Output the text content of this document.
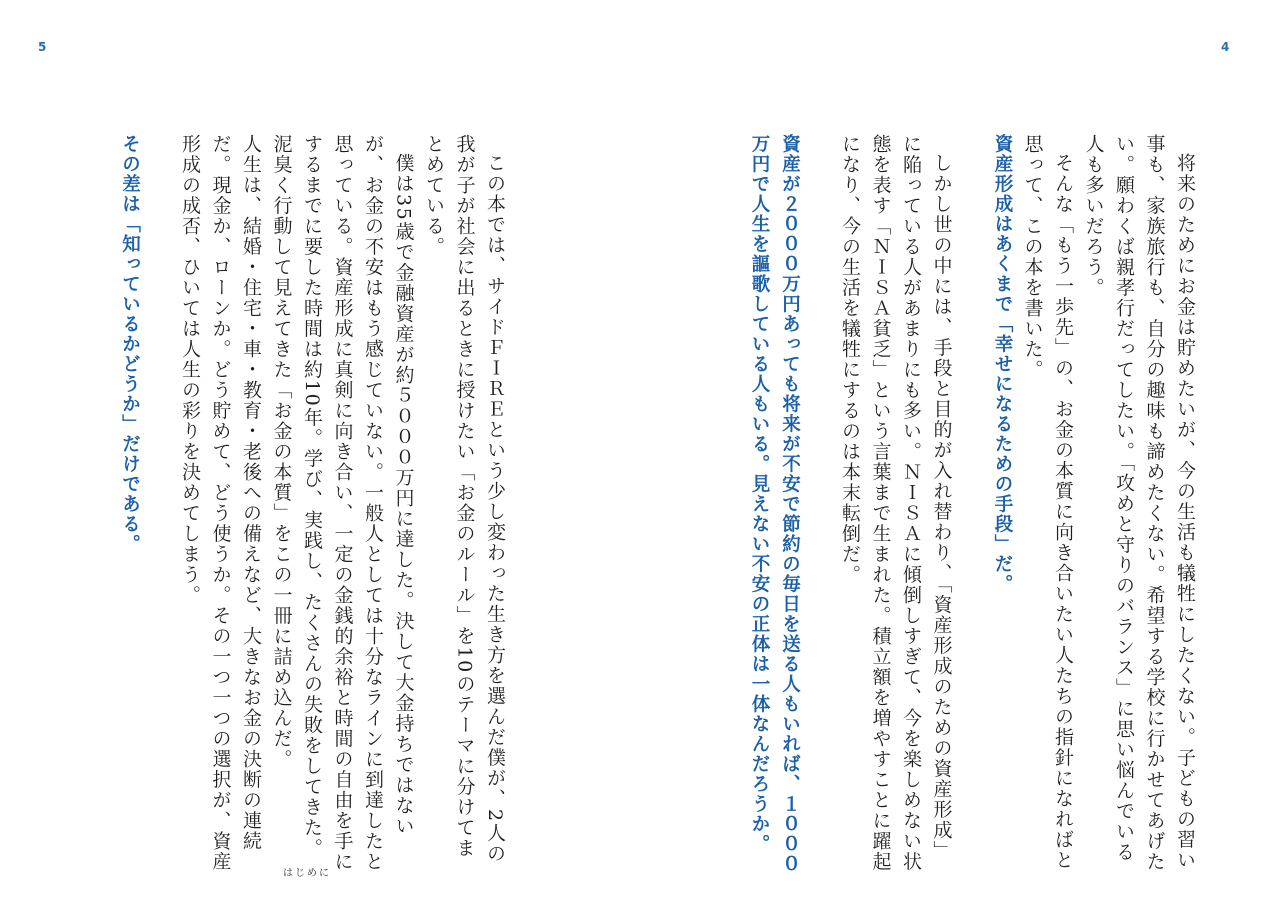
5	4

将来のためにお金は貯めたいが、今の生活も犠牲にしたくない。子どもの習い事も、家族旅行も、自分の趣味も諦めたくない。希望する学校に行かせてあげたい。願わくば親孝行だってしたい。「攻めと守りのバランス」に思い悩んでいる人も多いだろう。

そんな「もう一歩先」の、お金の本質に向き合いたい人たちの指針になればと思って、この本を書いた。

資産形成はあくまで「幸せになるための手段」だ。

しかし世の中には、手段と目的が入れ替わり、「資産形成のための資産形成」に陥っている人があまりにも多い。ＮＩＳＡに傾倒しすぎて、今を楽しめない状態を表す「ＮＩＳＡ貧乏」という言葉まで生まれた。積立額を増やすことに躍起になり、今の生活を犠牲にするのは本末転倒だ。

資産が２０００万円あっても将来が不安で節約の毎日を送る人もいれば、１０００万円で人生を謳歌している人もいる。見えない不安の正体は一体なんだろうか。

この本では、サイドＦＩＲＥという少し変わった生き方を選んだ僕が、2人の我が子が社会に出るときに授けたい「お金のルール」を10のテーマに分けてまとめている。

僕は35歳で金融資産が約５０００万円に達した。決して大金持ちではないが、お金の不安はもう感じていない。一般人としては十分なラインに到達したと思っている。資産形成に真剣に向き合い、一定の金銭的余裕と時間の自由を手にするまでに要した時間は約10年。学び、実践し、たくさんの失敗をしてきた。泥臭く行動して見えてきた「お金の本質」をこの一冊に詰め込んだ。

人生は、結婚・住宅・車・教育・老後への備えなど、大きなお金の決断の連続だ。現金か、ローンか。どう貯めて、どう使うか。その一つ一つの選択が、資産形成の成否、ひいては人生の彩りを決めてしまう。

その差は「知っているかどうか」だけである。

はじめに
